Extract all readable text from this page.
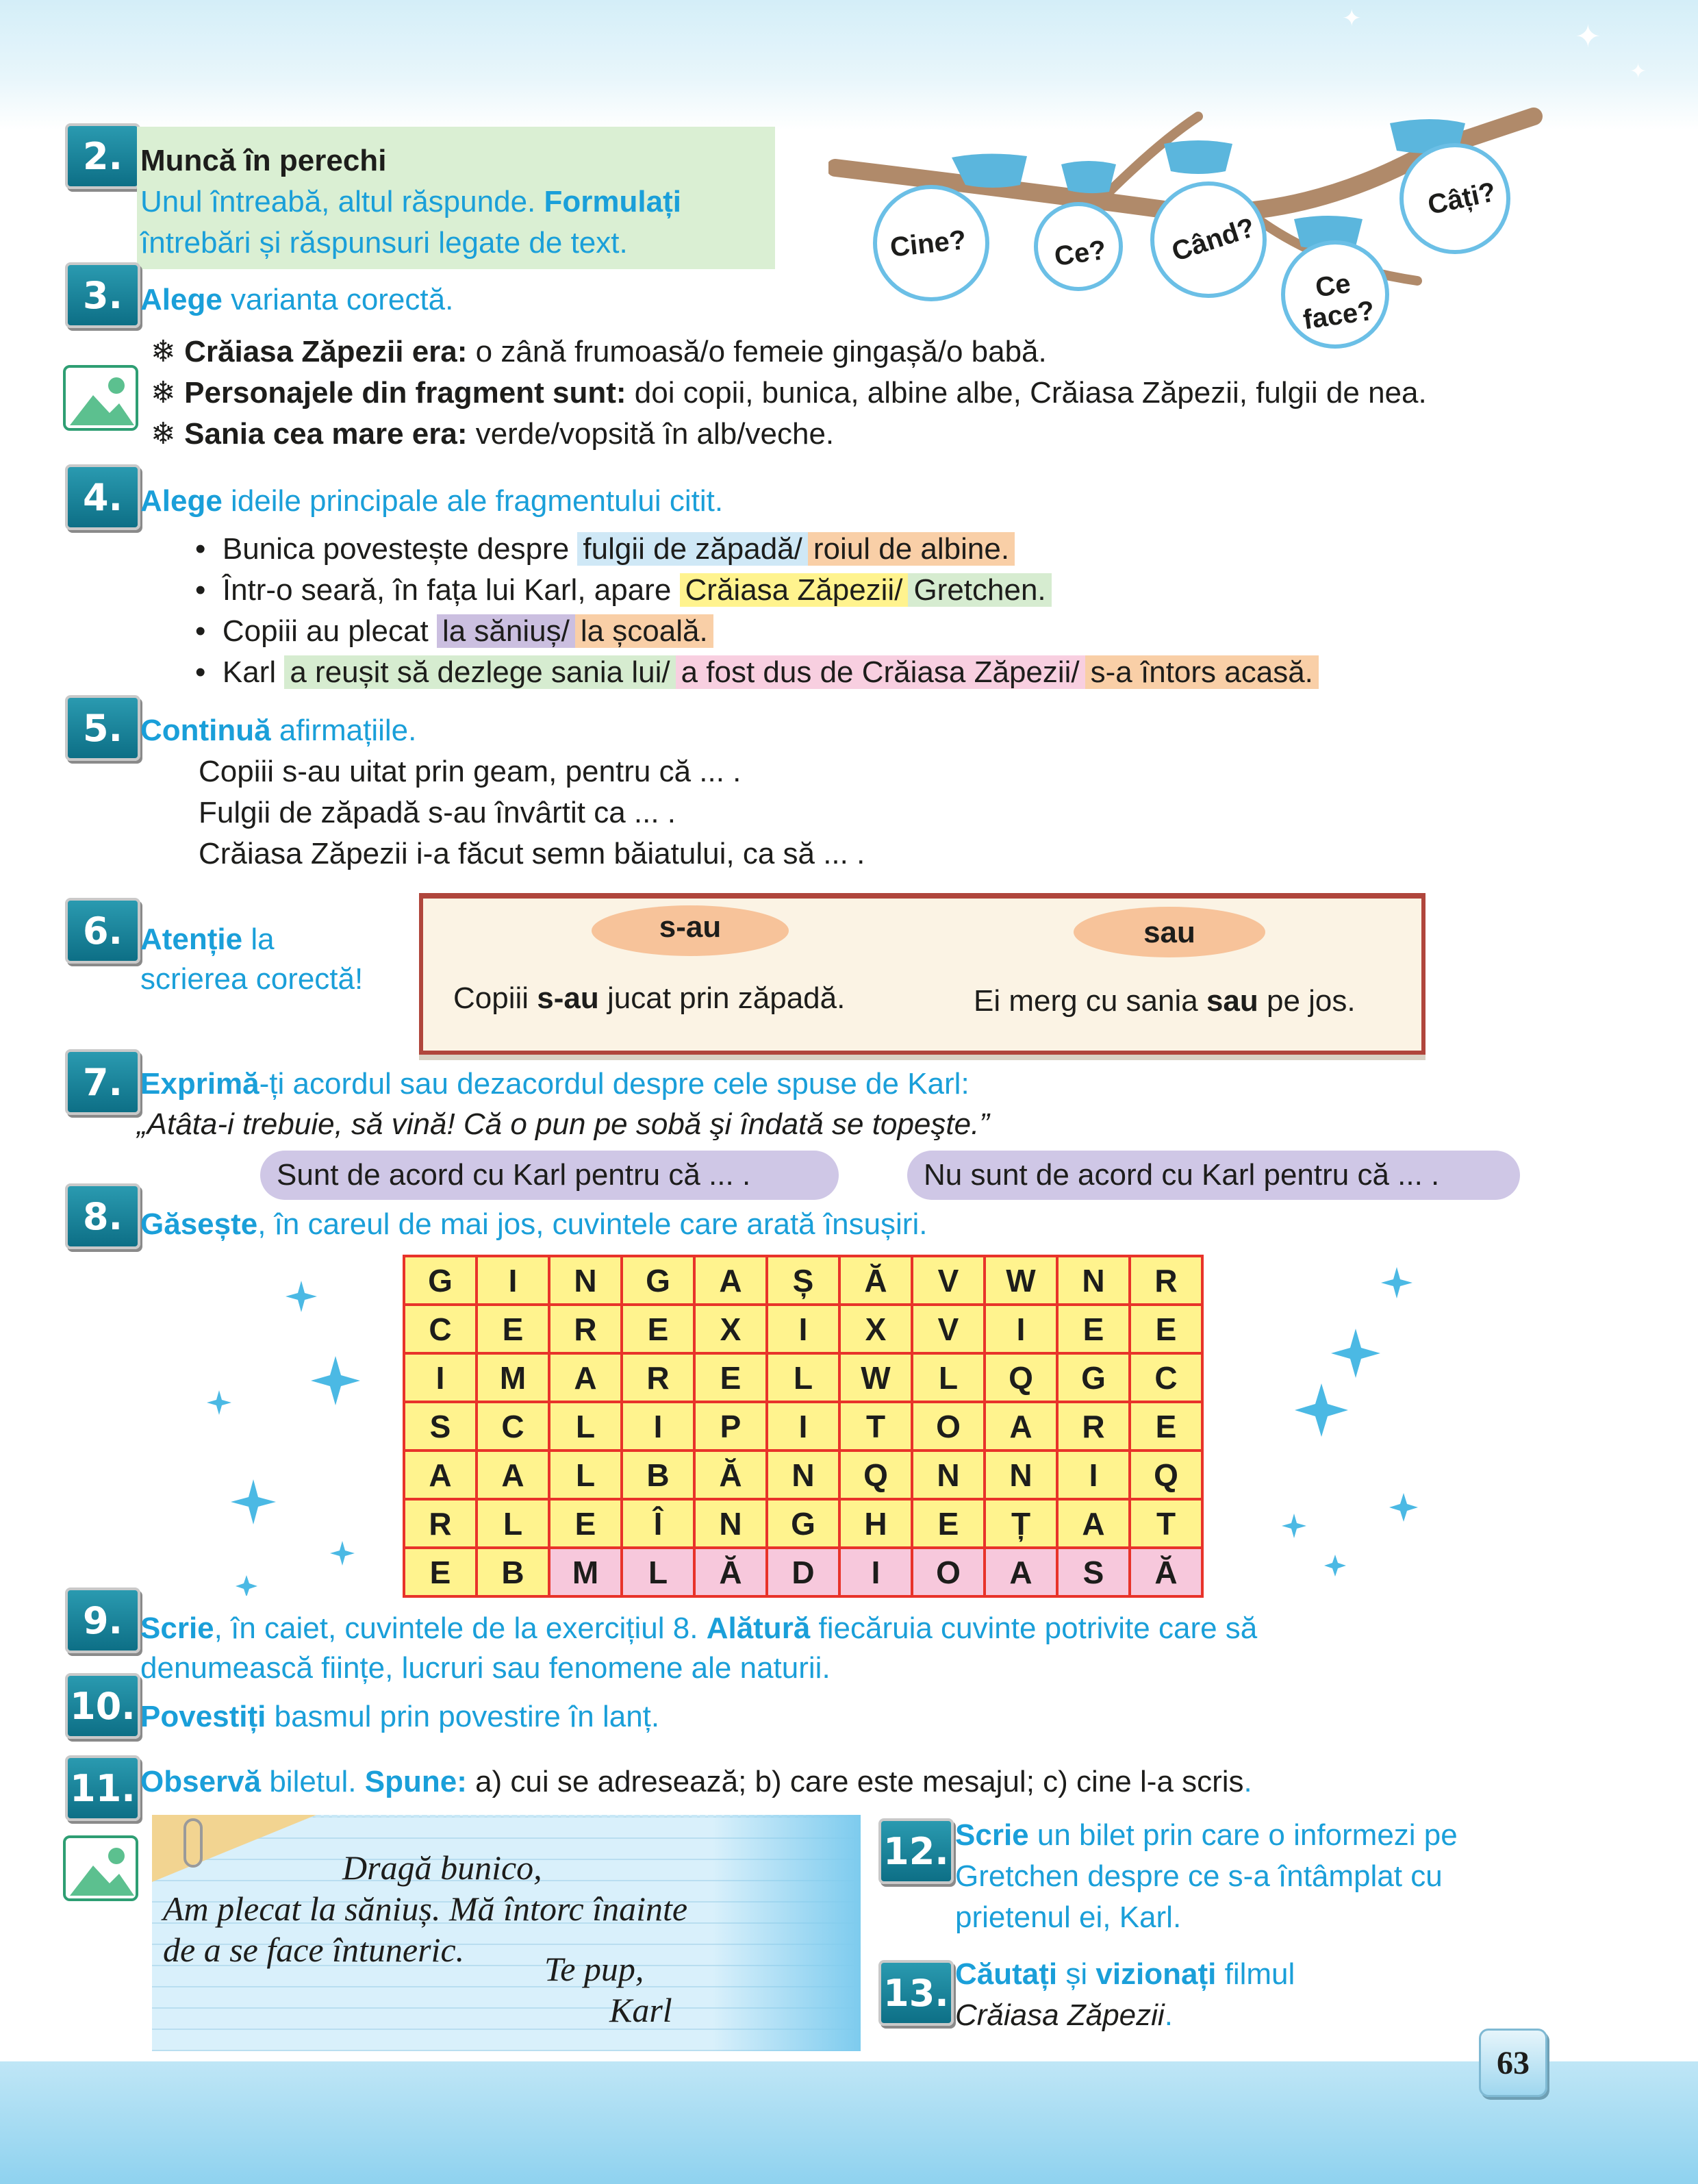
✦
✦
✦
Cine?	Ce? Când?
Ce face?
Câți?
2. Muncă în perechi
Unul întreabă, altul răspunde. Formulați
întrebări și răspunsuri legate de text.
3. Alege varianta corectă.
❄ Crăiasa Zăpezii era: o zână frumoasă/o femeie gingașă/o babă.
❄ Personajele din fragment sunt: doi copii, bunica, albine albe, Crăiasa Zăpezii, fulgii de nea.
❄ Sania cea mare era: verde/vopsită în alb/veche.
4. Alege ideile principale ale fragmentului citit.
•  Bunica povestește despre fulgii de zăpadă/ roiul de albine.
•  Într-o seară, în fața lui Karl, apare Crăiasa Zăpezii/ Gretchen.
•  Copiii au plecat la săniuș/ la școală.
•  Karl a reușit să dezlege sania lui/ a fost dus de Crăiasa Zăpezii/ s-a întors acasă.
5. Continuă afirmațiile.
Copiii s-au uitat prin geam, pentru că ... .
Fulgii de zăpadă s-au învârtit ca ... .
Crăiasa Zăpezii i-a făcut semn băiatului, ca să ... .
6. Atenție la
scrierea corectă!
s-au	sau
Copiii s-au jucat prin zăpadă.	Ei merg cu sania sau pe jos.
7. Exprimă-ți acordul sau dezacordul despre cele spuse de Karl:
„Atâta-i trebuie, să vină! Că o pun pe sobă şi îndată se topeşte.”
Sunt de acord cu Karl pentru că ... .	Nu sunt de acord cu Karl pentru că ... .
8. Găsește, în careul de mai jos, cuvintele care arată însușiri.
G	I	N	G	A	Ș	Ă	V	W	N	R
C	E	R	E	X	I	X	V	I	E	E
I	M	A	R	E	L	W	L	Q	G	C
S	C	L	I	P	I	T	O	A	R	E
A	A	L	B	Ă	N	Q	N	N	I	Q
R	L	E	Î	N	G	H	E	Ț	A	T
E	B	M	L	Ă	D	I	O	A	S	Ă
9. Scrie, în caiet, cuvintele de la exercițiul 8. Alătură fiecăruia cuvinte potrivite care să
denumească ființe, lucruri sau fenomene ale naturii.
10. Povestiți basmul prin povestire în lanț.
11. Observă biletul. Spune: a) cui se adresează; b) care este mesajul; c) cine l-a scris.
Dragă bunico,
Am plecat la săniuș. Mă întorc înainte
de a se face întuneric. Te pup,
Karl
12. Scrie un bilet prin care o informezi pe
Gretchen despre ce s-a întâmplat cu
prietenul ei, Karl.
13. Căutați și vizionați filmul
Crăiasa Zăpezii.
63
